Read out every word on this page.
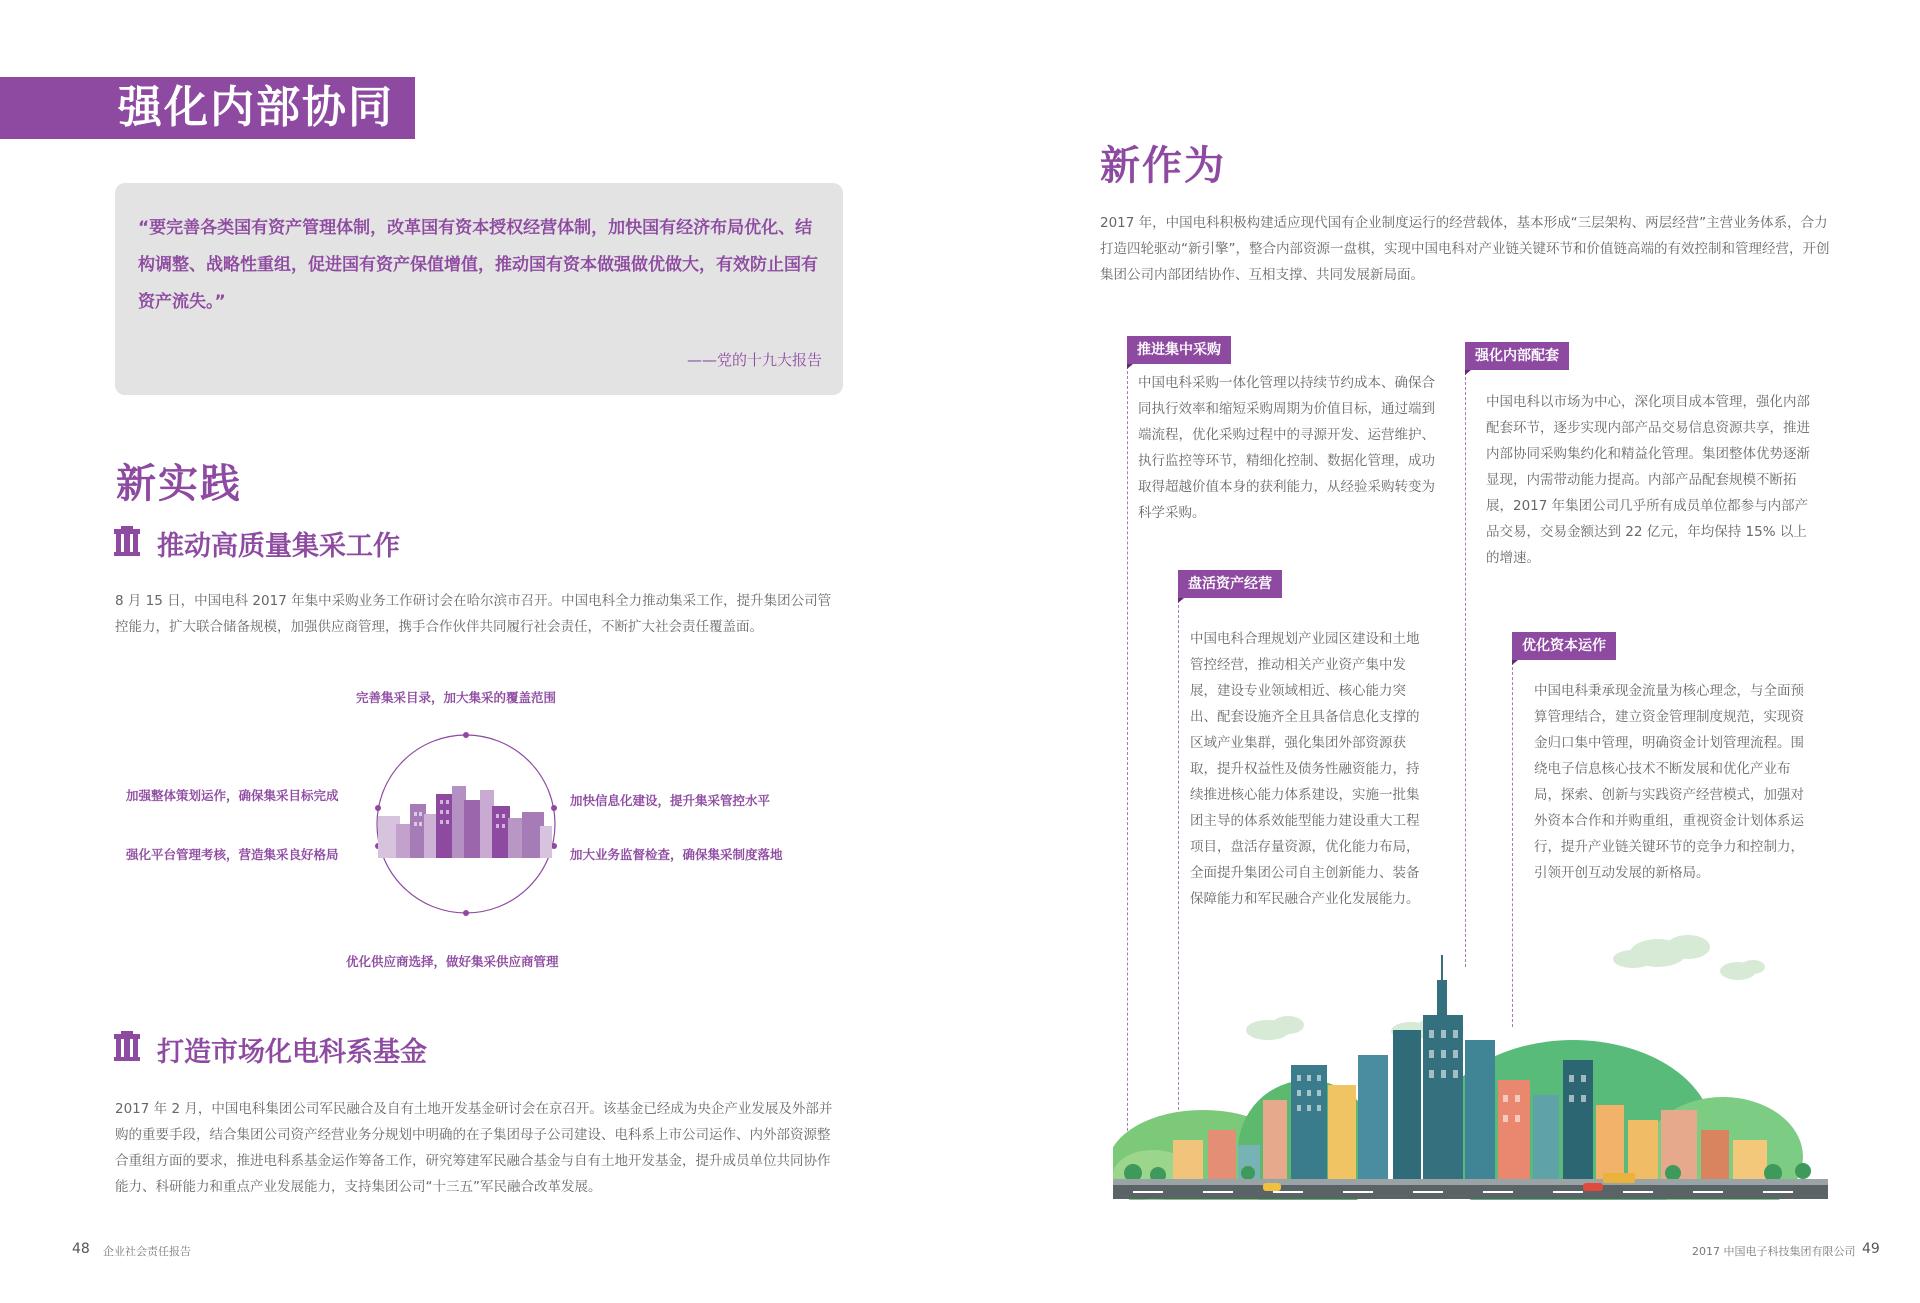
强化内部协同
“要完善各类国有资产管理体制，改革国有资本授权经营体制，加快国有经济布局优化、结构调整、战略性重组，促进国有资产保值增值，推动国有资本做强做优做大，有效防止国有资产流失。”
——党的十九大报告
新实践
推动高质量集采工作
8 月 15 日，中国电科 2017 年集中采购业务工作研讨会在哈尔滨市召开。中国电科全力推动集采工作，提升集团公司管控能力，扩大联合储备规模，加强供应商管理，携手合作伙伴共同履行社会责任，不断扩大社会责任覆盖面。
完善集采目录，加大集采的覆盖范围
加强整体策划运作，确保集采目标完成
强化平台管理考核，营造集采良好格局
加快信息化建设，提升集采管控水平
加大业务监督检查，确保集采制度落地
优化供应商选择，做好集采供应商管理
打造市场化电科系基金
2017 年 2 月，中国电科集团公司军民融合及自有土地开发基金研讨会在京召开。该基金已经成为央企产业发展及外部并购的重要手段，结合集团公司资产经营业务分规划中明确的在子集团母子公司建设、电科系上市公司运作、内外部资源整合重组方面的要求，推进电科系基金运作筹备工作，研究筹建军民融合基金与自有土地开发基金，提升成员单位共同协作能力、科研能力和重点产业发展能力，支持集团公司“十三五”军民融合改革发展。
48 企业社会责任报告
新作为
2017 年，中国电科积极构建适应现代国有企业制度运行的经营载体，基本形成“三层架构、两层经营”主营业务体系，合力打造四轮驱动“新引擎”，整合内部资源一盘棋，实现中国电科对产业链关键环节和价值链高端的有效控制和管理经营，开创集团公司内部团结协作、互相支撑、共同发展新局面。
推进集中采购
中国电科采购一体化管理以持续节约成本、确保合同执行效率和缩短采购周期为价值目标，通过端到端流程，优化采购过程中的寻源开发、运营维护、执行监控等环节，精细化控制、数据化管理，成功取得超越价值本身的获利能力，从经验采购转变为科学采购。
强化内部配套
中国电科以市场为中心，深化项目成本管理，强化内部配套环节，逐步实现内部产品交易信息资源共享，推进内部协同采购集约化和精益化管理。集团整体优势逐渐显现，内需带动能力提高。内部产品配套规模不断拓展，2017 年集团公司几乎所有成员单位都参与内部产品交易，交易金额达到 22 亿元，年均保持 15% 以上的增速。
盘活资产经营
中国电科合理规划产业园区建设和土地管控经营，推动相关产业资产集中发展，建设专业领域相近、核心能力突出、配套设施齐全且具备信息化支撑的区域产业集群，强化集团外部资源获取，提升权益性及债务性融资能力，持续推进核心能力体系建设，实施一批集团主导的体系效能型能力建设重大工程项目，盘活存量资源，优化能力布局，全面提升集团公司自主创新能力、装备保障能力和军民融合产业化发展能力。
优化资本运作
中国电科秉承现金流量为核心理念，与全面预算管理结合，建立资金管理制度规范，实现资金归口集中管理，明确资金计划管理流程。围绕电子信息核心技术不断发展和优化产业布局，探索、创新与实践资产经营模式，加强对外资本合作和并购重组，重视资金计划体系运行，提升产业链关键环节的竞争力和控制力，引领开创互动发展的新格局。
2017 中国电子科技集团有限公司 49
